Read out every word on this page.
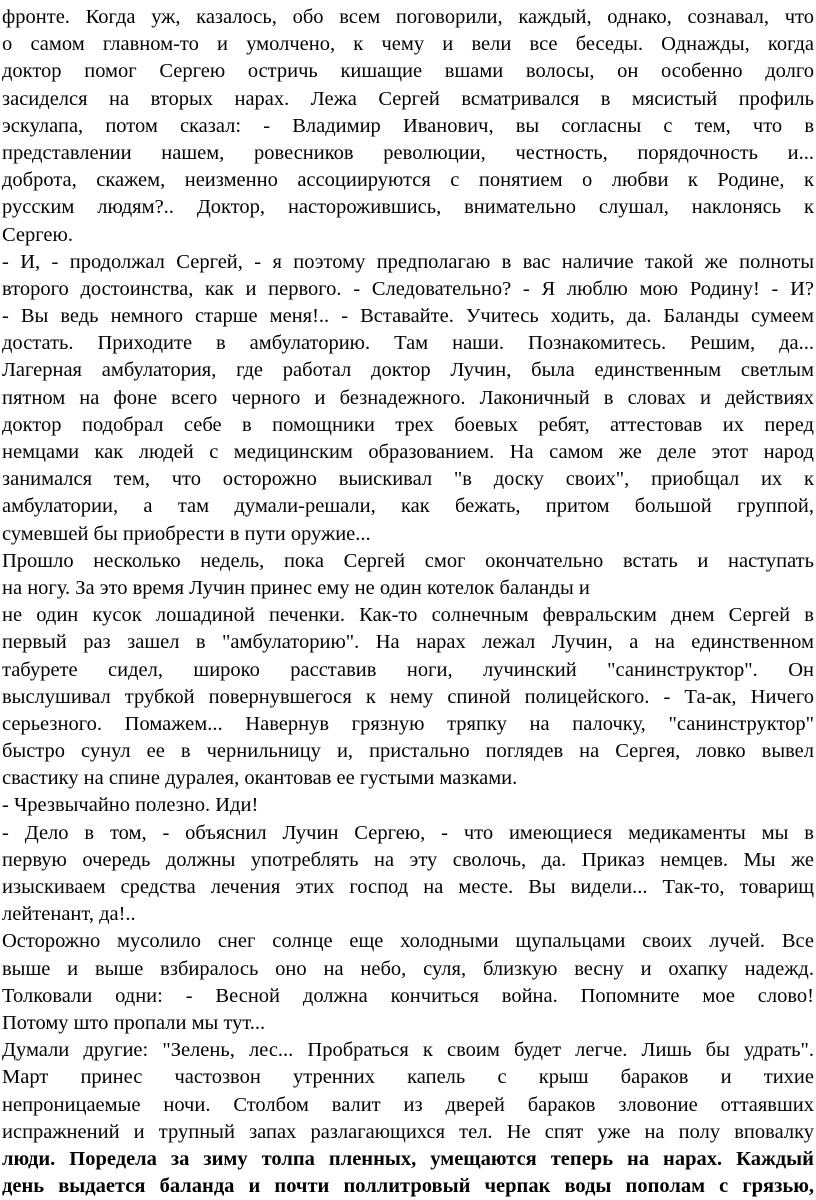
фронте. Когда уж, казалось, обо всем поговорили, каждый, однако, сознавал, что
о самом главном-то и умолчено, к чему и вели все беседы. Однажды, когда
доктор помог Сергею остричь кишащие вшами волосы, он особенно долго
засиделся на вторых нарах. Лежа Сергей всматривался в мясистый профиль
эскулапа, потом сказал: - Владимир Иванович, вы согласны с тем, что в
представлении нашем, ровесников революции, честность, порядочность и...
доброта, скажем, неизменно ассоциируются с понятием о любви к Родине, к
русским людям?.. Доктор, насторожившись, внимательно слушал, наклонясь к
Сергею.
- И, - продолжал Сергей, - я поэтому предполагаю в вас наличие такой же полноты
второго достоинства, как и первого. - Следовательно? - Я люблю мою Родину! - И?
- Вы ведь немного старше меня!.. - Вставайте. Учитесь ходить, да. Баланды сумеем
достать. Приходите в амбулаторию. Там наши. Познакомитесь. Решим, да...
Лагерная амбулатория, где работал доктор Лучин, была единственным светлым
пятном на фоне всего черного и безнадежного. Лаконичный в словах и действиях
доктор подобрал себе в помощники трех боевых ребят, аттестовав их перед
немцами как людей с медицинским образованием. На самом же деле этот народ
занимался тем, что осторожно выискивал "в доску своих", приобщал их к
амбулатории, а там думали-решали, как бежать, притом большой группой,
сумевшей бы приобрести в пути оружие...
Прошло несколько недель, пока Сергей смог окончательно встать и наступать
на ногу. За это время Лучин принес ему не один котелок баланды и
не один кусок лошадиной печенки. Как-то солнечным февральским днем Сергей в
первый раз зашел в "амбулаторию". На нарах лежал Лучин, а на единственном
табурете сидел, широко расставив ноги, лучинский "санинструктор". Он
выслушивал трубкой повернувшегося к нему спиной полицейского. - Та-ак, Ничего
серьезного. Помажем... Навернув грязную тряпку на палочку, "санинструктор"
быстро сунул ее в чернильницу и, пристально поглядев на Сергея, ловко вывел
свастику на спине дуралея, окантовав ее густыми мазками.
- Чрезвычайно полезно. Иди!
- Дело в том, - объяснил Лучин Сергею, - что имеющиеся медикаменты мы в
первую очередь должны употреблять на эту сволочь, да. Приказ немцев. Мы же
изыскиваем средства лечения этих господ на месте. Вы видели... Так-то, товарищ
лейтенант, да!..
Осторожно мусолило снег солнце еще холодными щупальцами своих лучей. Все
выше и выше взбиралось оно на небо, суля, близкую весну и охапку надежд.
Толковали одни: - Весной должна кончиться война. Попомните мое слово!
Потому што пропали мы тут...
Думали другие: "Зелень, лес... Пробраться к своим будет легче. Лишь бы удрать".
Март принес частозвон утренних капель с крыш бараков и тихие
непроницаемые ночи. Столбом валит из дверей бараков зловоние оттаявших
испражнений и трупный запах разлагающихся тел. Не спят уже на полу вповалку
люди. Поредела за зиму толпа пленных, умещаются теперь на нарах. Каждый
день выдается баланда и почти поллитровый черпак воды пополам с грязью,
